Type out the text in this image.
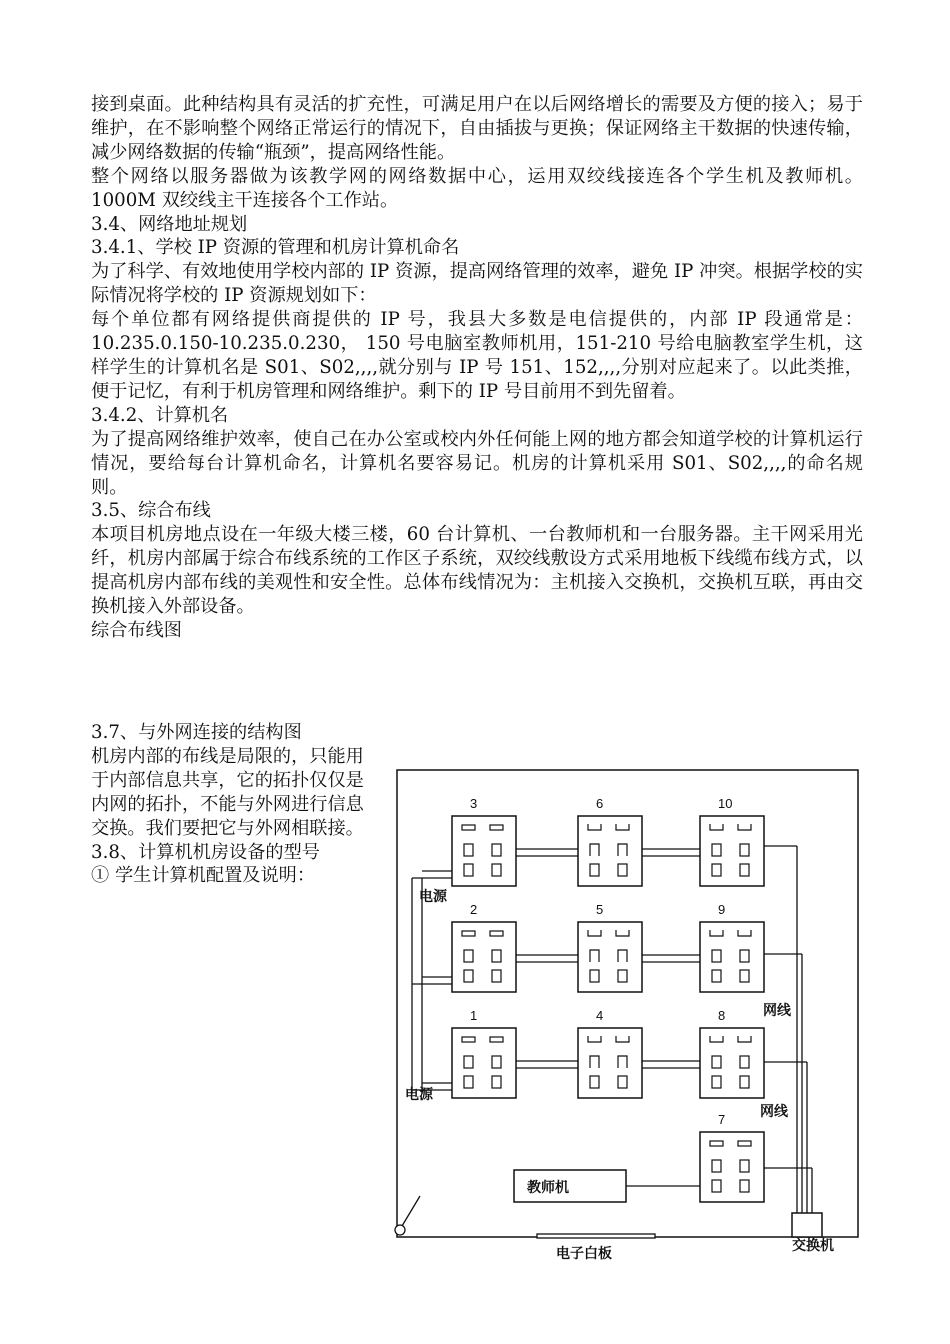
接到桌面。此种结构具有灵活的扩充性，可满足用户在以后网络增长的需要及方便的接入；易于维护，在不影响整个网络正常运行的情况下，自由插拔与更换；保证网络主干数据的快速传输，减少网络数据的传输“瓶颈”，提高网络性能。

整个网络以服务器做为该教学网的网络数据中心，运用双绞线接连各个学生机及教师机。1000M 双绞线主干连接各个工作站。

3.4、网络地址规划

3.4.1、学校 IP 资源的管理和机房计算机命名

为了科学、有效地使用学校内部的 IP 资源，提高网络管理的效率，避免 IP 冲突。根据学校的实际情况将学校的 IP 资源规划如下：

每个单位都有网络提供商提供的 IP 号，我县大多数是电信提供的，内部 IP 段通常是：10.235.0.150-10.235.0.230， 150 号电脑室教师机用，151-210 号给电脑教室学生机，这样学生的计算机名是 S01、S02,,,,就分别与 IP 号 151、152,,,,分别对应起来了。以此类推，便于记忆，有利于机房管理和网络维护。剩下的 IP 号目前用不到先留着。

3.4.2、计算机名

为了提高网络维护效率，使自己在办公室或校内外任何能上网的地方都会知道学校的计算机运行情况，要给每台计算机命名，计算机名要容易记。机房的计算机采用 S01、S02,,,,的命名规则。

3.5、综合布线

本项目机房地点设在一年级大楼三楼，60 台计算机、一台教师机和一台服务器。主干网采用光纤，机房内部属于综合布线系统的工作区子系统，双绞线敷设方式采用地板下线缆布线方式，以提高机房内部布线的美观性和安全性。总体布线情况为：主机接入交换机，交换机互联，再由交换机接入外部设备。

综合布线图

3.7、与外网连接的结构图

机房内部的布线是局限的，只能用于内部信息共享，它的拓扑仅仅是内网的拓扑，不能与外网进行信息交换。我们要把它与外网相联接。

3.8、计算机机房设备的型号

① 学生计算机配置及说明：

3	6	10
2	5	9
1	4	8
7
教师机
电子白板	交换机
电源
电源
网线
网线
